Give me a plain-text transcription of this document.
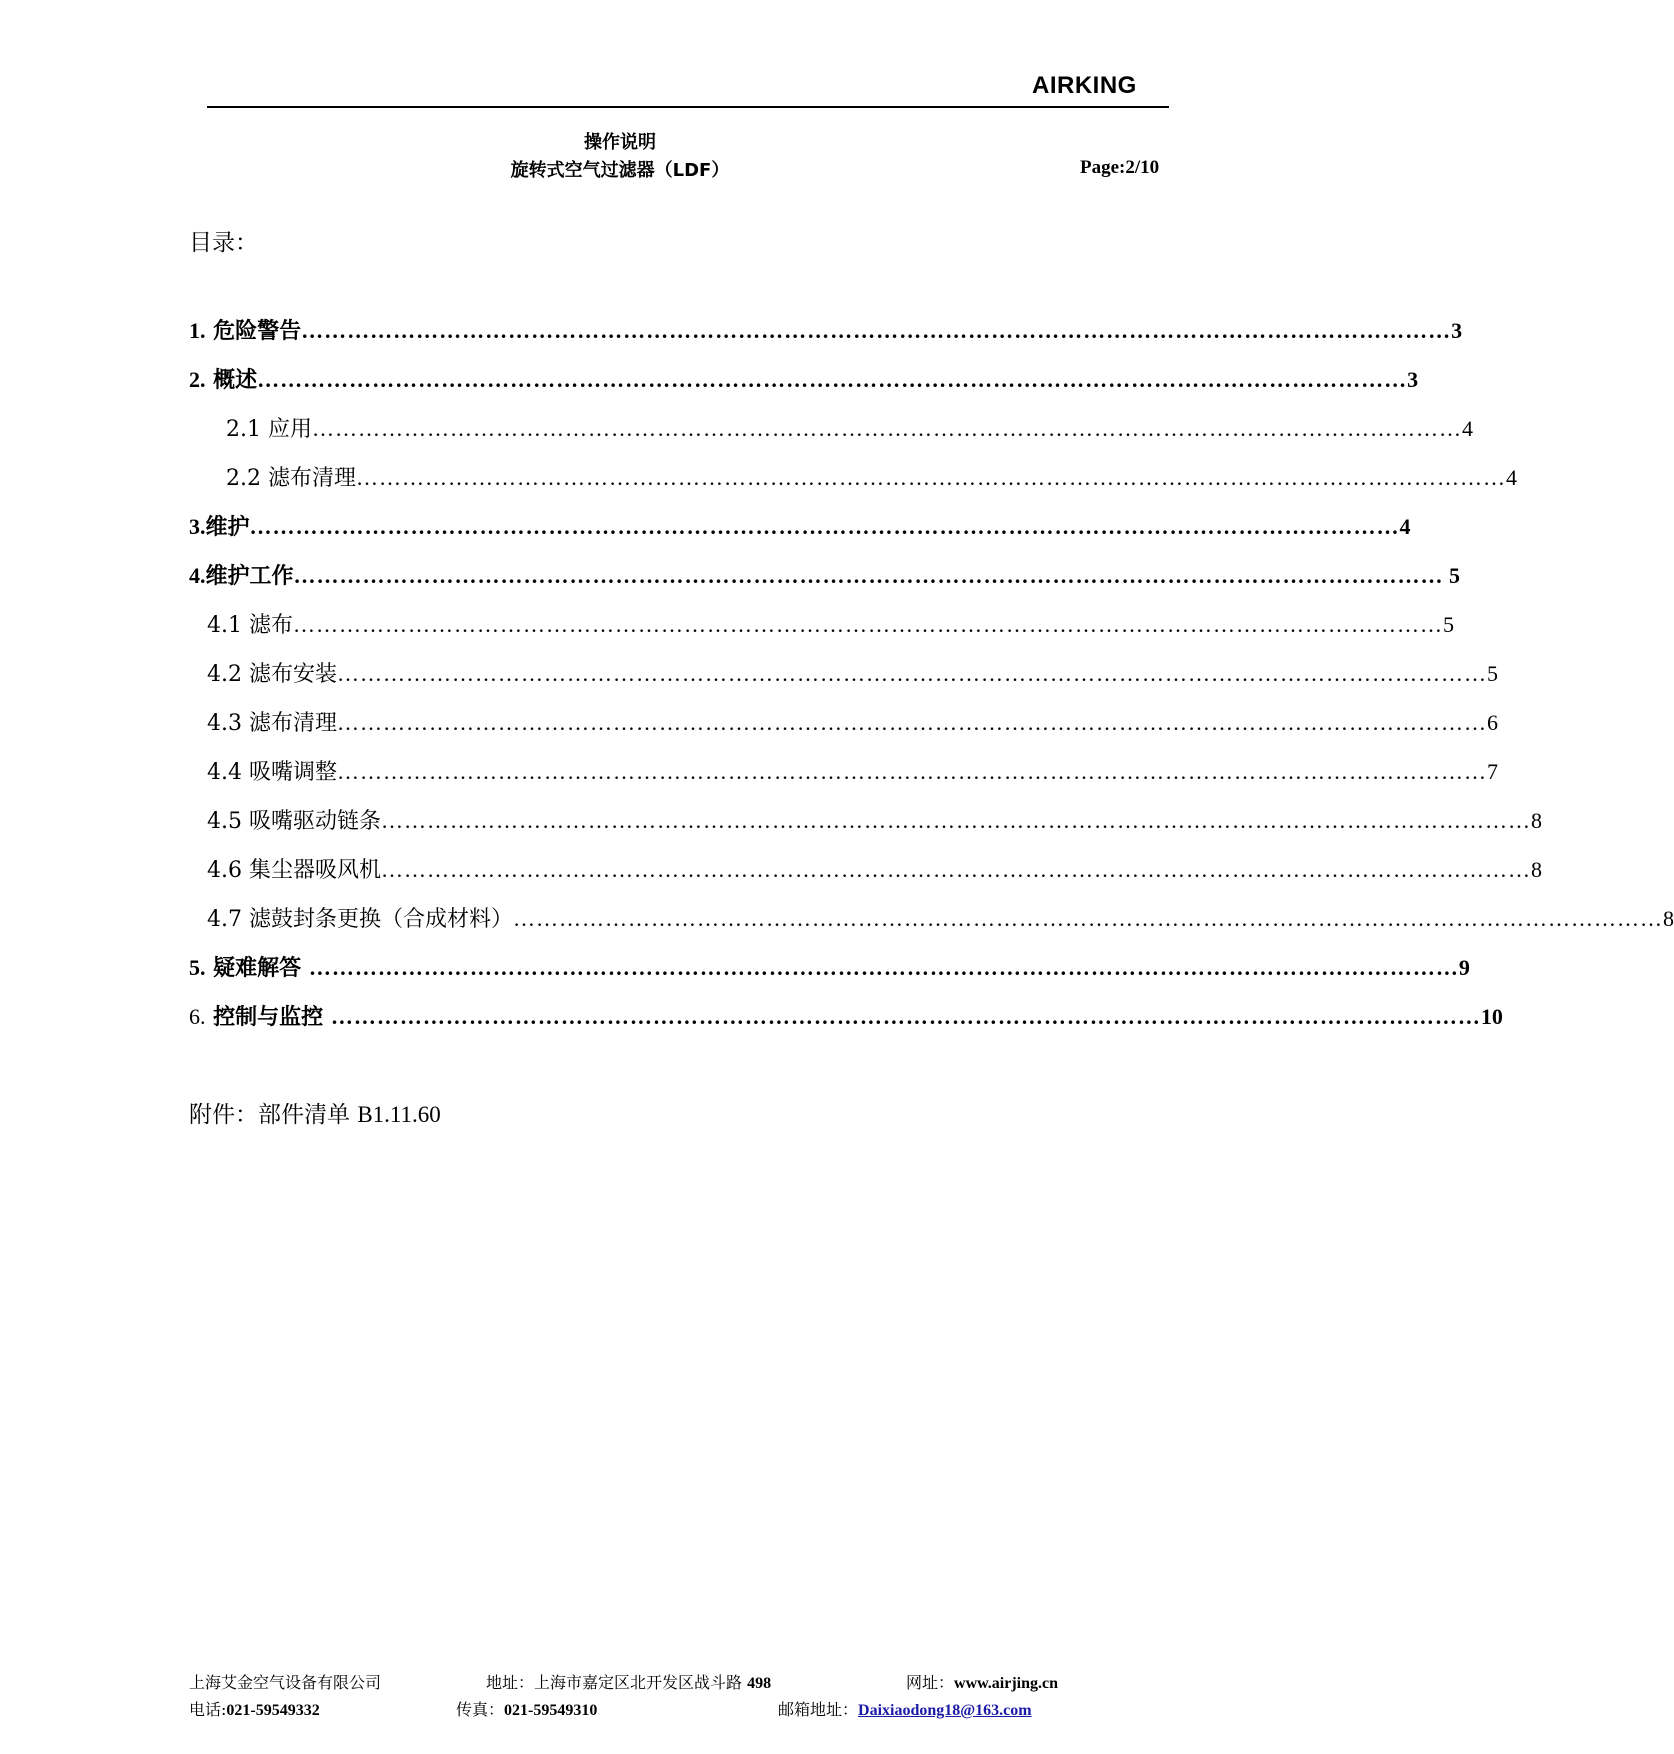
AIRKING
操作说明
旋转式空气过滤器（LDF）	Page:2/10
目录：
1. 危险警告 …………………………………………………………………………………………………………………………………… 3
2. 概述 …………………………………………………………………………………………………………………………………… 3
2.1 应用 …………………………………………………………………………………………………………………………………… 4
2.2 滤布清理 …………………………………………………………………………………………………………………………………… 4
3.维护 …………………………………………………………………………………………………………………………………… 4
4.维护工作 …………………………………………………………………………………………………………………………………… 5
4.1 滤布 …………………………………………………………………………………………………………………………………… 5
4.2 滤布安装 …………………………………………………………………………………………………………………………………… 5
4.3 滤布清理 …………………………………………………………………………………………………………………………………… 6
4.4 吸嘴调整 …………………………………………………………………………………………………………………………………… 7
4.5 吸嘴驱动链条 …………………………………………………………………………………………………………………………………… 8
4.6 集尘器吸风机 …………………………………………………………………………………………………………………………………… 8
4.7 滤鼓封条更换（合成材料） …………………………………………………………………………………………………………………………………… 8
5. 疑难解答 …………………………………………………………………………………………………………………………………… 9
6. 控制与监控 …………………………………………………………………………………………………………………………………… 10
附件：部件清单 B1.11.60
上海艾金空气设备有限公司	地址：上海市嘉定区北开发区战斗路 498	网址：www.airjing.cn
电话:021-59549332	传真：021-59549310	邮箱地址：Daixiaodong18@163.com
